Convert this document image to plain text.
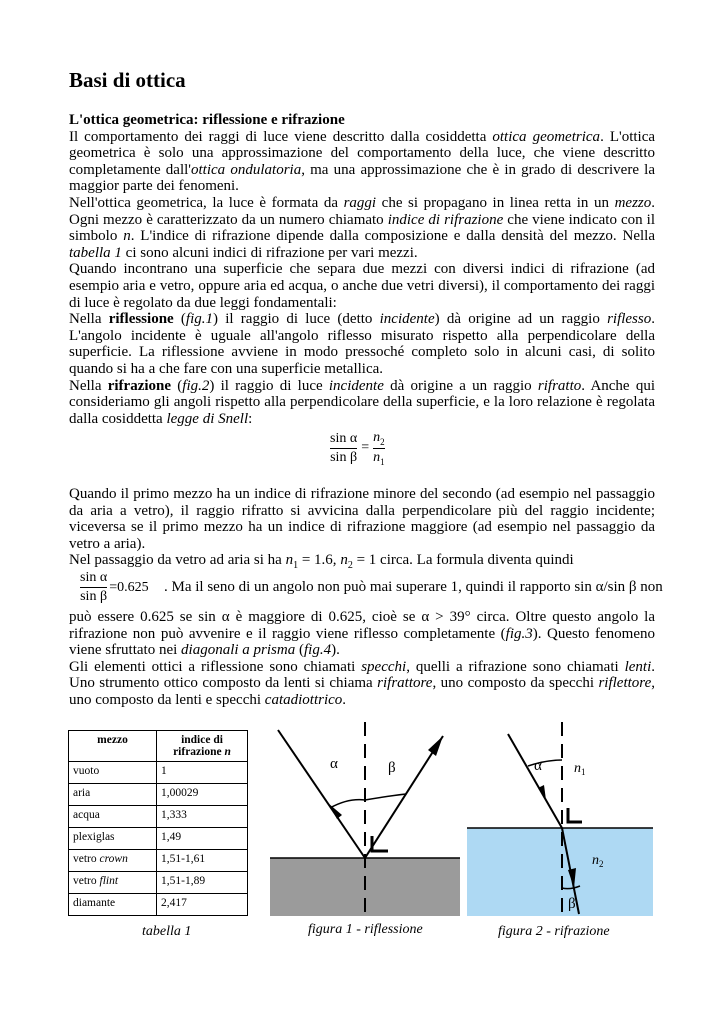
Basi di ottica

L'ottica geometrica: riflessione e rifrazione

Il comportamento dei raggi di luce viene descritto dalla cosiddetta ottica geometrica. L'ottica geometrica è solo una approssimazione del comportamento della luce, che viene descritto completamente dall'ottica ondulatoria, ma una approssimazione che è in grado di descrivere la maggior parte dei fenomeni.

Nell'ottica geometrica, la luce è formata da raggi che si propagano in linea retta in un mezzo. Ogni mezzo è caratterizzato da un numero chiamato indice di rifrazione che viene indicato con il simbolo n. L'indice di rifrazione dipende dalla composizione e dalla densità del mezzo. Nella tabella 1 ci sono alcuni indici di rifrazione per vari mezzi.

Quando incontrano una superficie che separa due mezzi con diversi indici di rifrazione (ad esempio aria e vetro, oppure aria ed acqua, o anche due vetri diversi), il comportamento dei raggi di luce è regolato da due leggi fondamentali:

Nella riflessione (fig.1) il raggio di luce (detto incidente) dà origine ad un raggio riflesso. L'angolo incidente è uguale all'angolo riflesso misurato rispetto alla perpendicolare della superficie. La riflessione avviene in modo pressoché completo solo in alcuni casi, di solito quando si ha a che fare con una superficie metallica.

Nella rifrazione (fig.2) il raggio di luce incidente dà origine a un raggio rifratto. Anche qui consideriamo gli angoli rispetto alla perpendicolare della superficie, e la loro relazione è regolata dalla cosiddetta legge di Snell:

sin α
sin β
=
$n_2$
$n_1$

Quando il primo mezzo ha un indice di rifrazione minore del secondo (ad esempio nel passaggio da aria a vetro), il raggio rifratto si avvicina dalla perpendicolare più del raggio incidente; viceversa se il primo mezzo ha un indice di rifrazione maggiore (ad esempio nel passaggio da vetro a aria).

Nel passaggio da vetro ad aria si ha $n_1 = 1.6$, $n_2 = 1$ circa. La formula diventa quindi

sin α
sin β
=0.625 . Ma il seno di un angolo non può mai superare 1, quindi il rapporto sin α/sin β non

può essere 0.625 se sin α è maggiore di 0.625, cioè se α > 39° circa. Oltre questo angolo la rifrazione non può avvenire e il raggio viene riflesso completamente (fig.3). Questo fenomeno viene sfruttato nei diagonali a prisma (fig.4).

Gli elementi ottici a riflessione sono chiamati specchi, quelli a rifrazione sono chiamati lenti. Uno strumento ottico composto da lenti si chiama rifrattore, uno composto da specchi riflettore, uno composto da lenti e specchi catadiottrico.

mezzo	indice di
rifrazione n
vuoto	1
aria	1,00029
acqua	1,333
plexiglas	1,49
vetro crown	1,51-1,61
vetro flint	1,51-1,89
diamante	2,417
tabella 1
α	β
figura 1 - riflessione
α $n_1$
$n_2$
β
figura 2 - rifrazione
